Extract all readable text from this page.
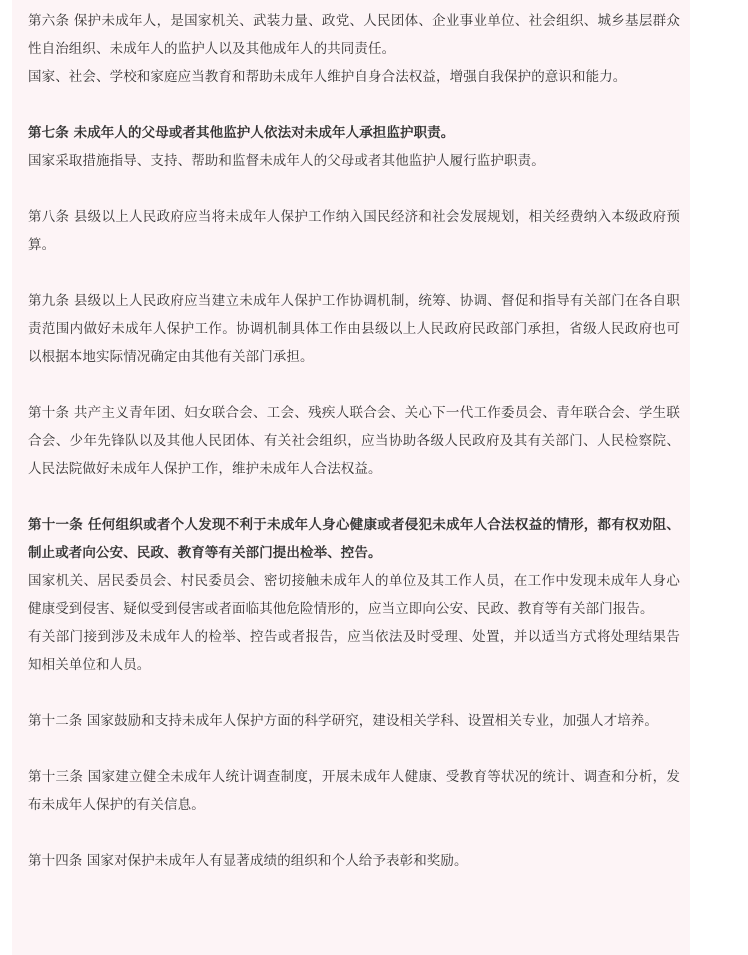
第六条 保护未成年人，是国家机关、武装力量、政党、人民团体、企业事业单位、社会组织、城乡基层群众性自治组织、未成年人的监护人以及其他成年人的共同责任。

国家、社会、学校和家庭应当教育和帮助未成年人维护自身合法权益，增强自我保护的意识和能力。

第七条 未成年人的父母或者其他监护人依法对未成年人承担监护职责。

国家采取措施指导、支持、帮助和监督未成年人的父母或者其他监护人履行监护职责。

第八条 县级以上人民政府应当将未成年人保护工作纳入国民经济和社会发展规划，相关经费纳入本级政府预算。

第九条 县级以上人民政府应当建立未成年人保护工作协调机制，统筹、协调、督促和指导有关部门在各自职责范围内做好未成年人保护工作。协调机制具体工作由县级以上人民政府民政部门承担，省级人民政府也可以根据本地实际情况确定由其他有关部门承担。

第十条 共产主义青年团、妇女联合会、工会、残疾人联合会、关心下一代工作委员会、青年联合会、学生联合会、少年先锋队以及其他人民团体、有关社会组织，应当协助各级人民政府及其有关部门、人民检察院、人民法院做好未成年人保护工作，维护未成年人合法权益。

第十一条 任何组织或者个人发现不利于未成年人身心健康或者侵犯未成年人合法权益的情形，都有权劝阻、制止或者向公安、民政、教育等有关部门提出检举、控告。

国家机关、居民委员会、村民委员会、密切接触未成年人的单位及其工作人员，在工作中发现未成年人身心健康受到侵害、疑似受到侵害或者面临其他危险情形的，应当立即向公安、民政、教育等有关部门报告。

有关部门接到涉及未成年人的检举、控告或者报告，应当依法及时受理、处置，并以适当方式将处理结果告知相关单位和人员。

第十二条 国家鼓励和支持未成年人保护方面的科学研究，建设相关学科、设置相关专业，加强人才培养。

第十三条 国家建立健全未成年人统计调查制度，开展未成年人健康、受教育等状况的统计、调查和分析，发布未成年人保护的有关信息。

第十四条 国家对保护未成年人有显著成绩的组织和个人给予表彰和奖励。
